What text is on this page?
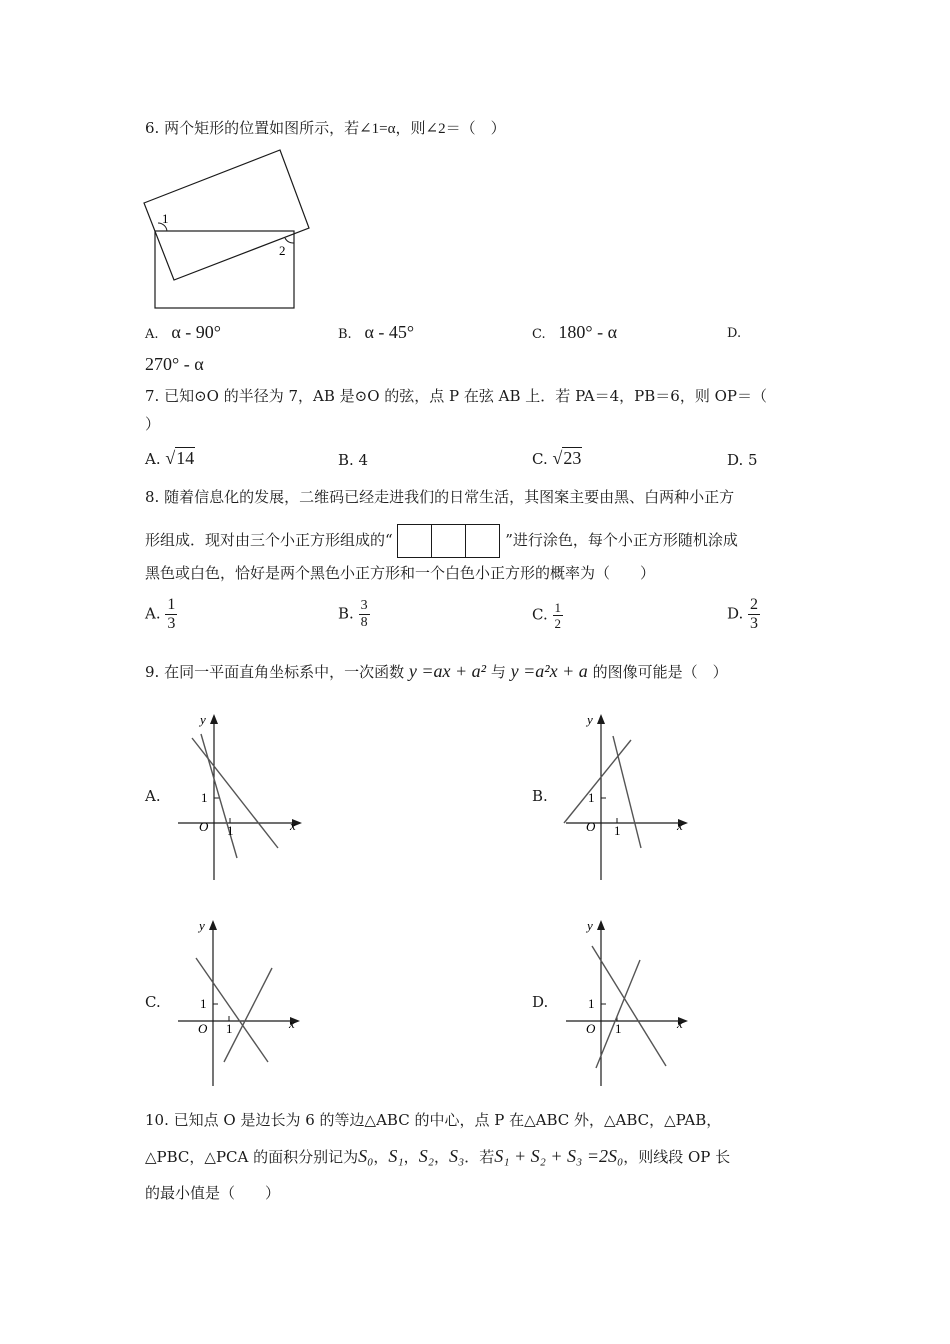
6. 两个矩形的位置如图所示，若∠1=α，则∠2＝（　）
1
2
A. α - 90°	B. α - 45°	C. 180° - α	D.
270° - α
7. 已知⊙O 的半径为 7，AB 是⊙O 的弦，点 P 在弦 AB 上．若 PA＝4，PB＝6，则 OP＝（
）
A. √14	B. 4	C. √23	D. 5
8. 随着信息化的发展，二维码已经走进我们的日常生活，其图案主要由黑、白两种小正方
形组成．现对由三个小正方形组成的“	”进行涂色，每个小正方形随机涂成
黑色或白色，恰好是两个黑色小正方形和一个白色小正方形的概率为（　　）
A. $\frac{1}{3}$	B. $\frac{3}{8}$	C. $\frac{1}{2}$	D. $\frac{2}{3}$
9. 在同一平面直角坐标系中，一次函数 y =ax + a² 与 y =a²x + a 的图像可能是（　）
A.
y
x
O 1
1	B.
y
x
O 1
1
C.
y
x
O 1
1	D.
y
x
O 1
1
10. 已知点 O 是边长为 6 的等边△ABC 的中心，点 P 在△ABC 外，△ABC，△PAB，
△PBC，△PCA 的面积分别记为S₀，S₁，S₂，S₃．若S₁ + S₂ + S₃ =2S₀，则线段 OP 长
的最小值是（　　）
